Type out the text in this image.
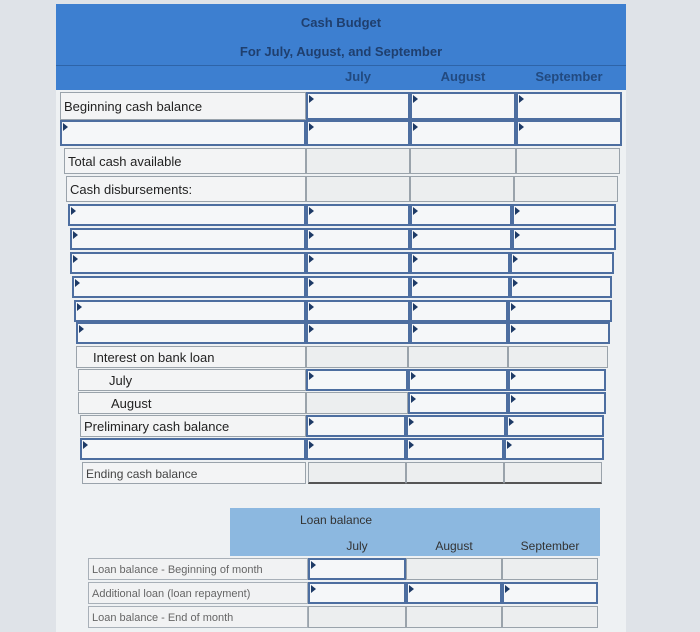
Cash Budget
For July, August, and September
July	August	September
Beginning cash balance
Total cash available
Cash disbursements:
Interest on bank loan
July
August
Preliminary cash balance
Ending cash balance
Loan balance
July	August	September
Loan balance - Beginning of month
Additional loan (loan repayment)
Loan balance - End of month
